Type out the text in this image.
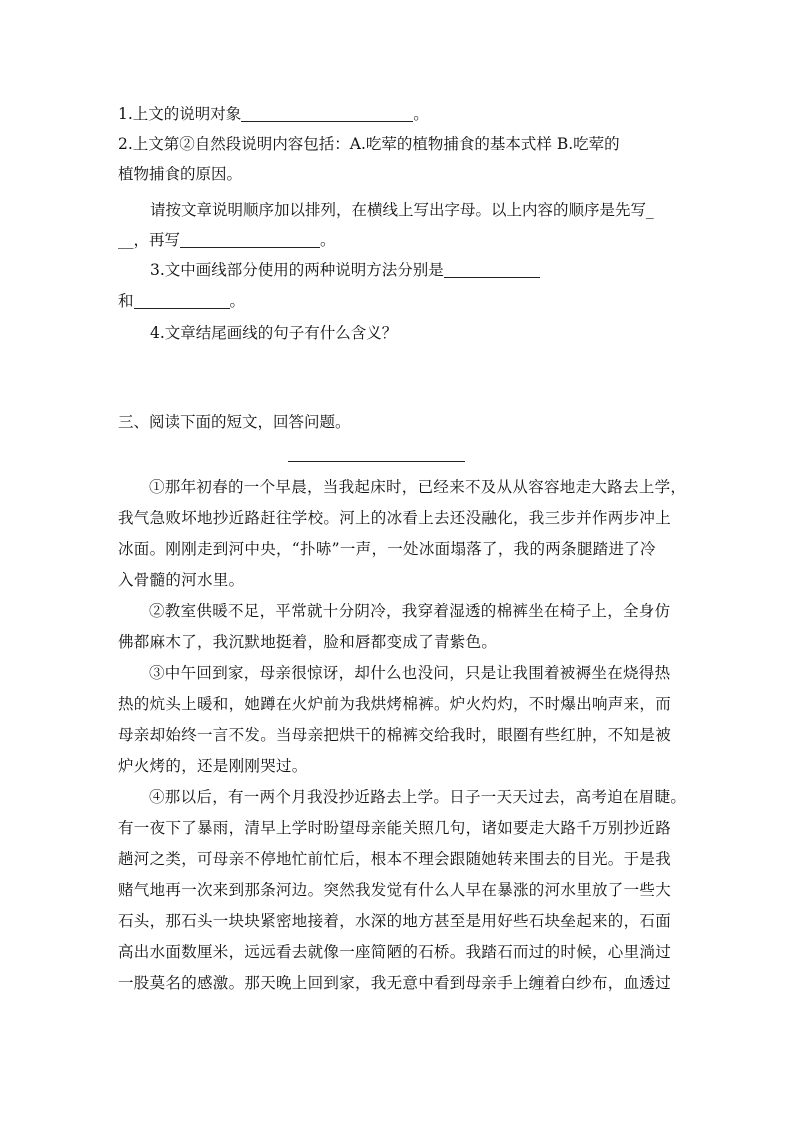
1.上文的说明对象	。
2.上文第②自然段说明内容包括：A.吃荤的植物捕食的基本式样 B.吃荤的
植物捕食的原因。
请按文章说明顺序加以排列，在横线上写出字母。以上内容的顺序是先写_
__，再写	。
3.文中画线部分使用的两种说明方法分别是
和	。
4.文章结尾画线的句子有什么含义？
三、阅读下面的短文，回答问题。
①那年初春的一个早晨，当我起床时，已经来不及从从容容地走大路去上学，
我气急败坏地抄近路赶往学校。河上的冰看上去还没融化，我三步并作两步冲上
冰面。刚刚走到河中央，“扑哧”一声，一处冰面塌落了，我的两条腿踏进了冷
入骨髓的河水里。
②教室供暖不足，平常就十分阴冷，我穿着湿透的棉裤坐在椅子上，全身仿
佛都麻木了，我沉默地挺着，脸和唇都变成了青紫色。
③中午回到家，母亲很惊讶，却什么也没问，只是让我围着被褥坐在烧得热
热的炕头上暖和，她蹲在火炉前为我烘烤棉裤。炉火灼灼，不时爆出响声来，而
母亲却始终一言不发。当母亲把烘干的棉裤交给我时，眼圈有些红肿，不知是被
炉火烤的，还是刚刚哭过。
④那以后，有一两个月我没抄近路去上学。日子一天天过去，高考迫在眉睫。
有一夜下了暴雨，清早上学时盼望母亲能关照几句，诸如要走大路千万别抄近路
趟河之类，可母亲不停地忙前忙后，根本不理会跟随她转来围去的目光。于是我
赌气地再一次来到那条河边。突然我发觉有什么人早在暴涨的河水里放了一些大
石头，那石头一块块紧密地接着，水深的地方甚至是用好些石块垒起来的，石面
高出水面数厘米，远远看去就像一座简陋的石桥。我踏石而过的时候，心里淌过
一股莫名的感激。那天晚上回到家，我无意中看到母亲手上缠着白纱布，血透过
